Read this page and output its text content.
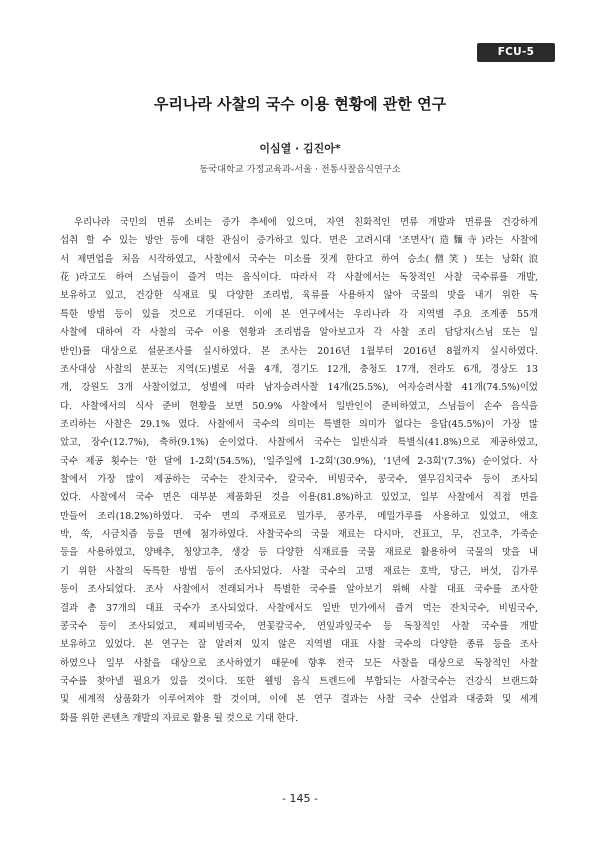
FCU-5
우리나라 사찰의 국수 이용 현황에 관한 연구
이심열 · 김진아*
동국대학교 가정교육과-서울 · 전통사찰음식연구소
우리나라 국민의 면류 소비는 증가 추세에 있으며, 자연 친화적인 면류 개발과 면류를 건강하게
섭취 할 수 있는 방안 등에 대한 관심이 증가하고 있다. 면은 고려시대 '조면사'(造麵寺)라는 사찰에
서 제면업을 처음 시작하였고, 사찰에서 국수는 미소를 짓게 한다고 하여 승소(僧笑) 또는 낭화(浪
花)라고도 하여 스님들이 즐겨 먹는 음식이다. 따라서 각 사찰에서는 독창적인 사찰 국수류를 개발,
보유하고 있고, 건강한 식재료 및 다양한 조리법, 육류를 사용하지 않아 국물의 맛을 내기 위한 독
특한 방법 등이 있을 것으로 기대된다. 이에 본 연구에서는 우리나라 각 지역별 주요 조계종 55개
사찰에 대하여 각 사찰의 국수 이용 현황과 조리법을 알아보고자 각 사찰 조리 담당자(스님 또는 일
반인)를 대상으로 설문조사를 실시하였다. 본 조사는 2016년 1월부터 2016년 8월까지 실시하였다.
조사대상 사찰의 분포는 지역(도)별로 서울 4개, 경기도 12개, 충청도 17개, 전라도 6개, 경상도 13
개, 강원도 3개 사찰이었고, 성별에 따라 남자승려사찰 14개(25.5%), 여자승려사찰 41개(74.5%)이었
다. 사찰에서의 식사 준비 현황을 보면 50.9% 사찰에서 일반인이 준비하였고, 스님들이 손수 음식을
조리하는 사찰은 29.1% 였다. 사찰에서 국수의 의미는 특별한 의미가 없다는 응답(45.5%)이 가장 많
았고, 장수(12.7%), 축하(9.1%) 순이었다. 사찰에서 국수는 일반식과 특별식(41.8%)으로 제공하였고,
국수 제공 횟수는 '한 달에 1-2회'(54.5%), '일주일에 1-2회'(30.9%), '1년에 2-3회'(7.3%) 순이었다. 사
찰에서 가장 많이 제공하는 국수는 잔치국수, 칼국수, 비빔국수, 콩국수, 열무김치국수 등이 조사되
었다. 사찰에서 국수 면은 대부분 제품화된 것을 이용(81.8%)하고 있었고, 일부 사찰에서 직접 면을
만들어 조리(18.2%)하였다. 국수 면의 주재료로 밀가루, 콩가루, 메밀가루를 사용하고 있었고, 애호
박, 쑥, 시금치즙 등을 면에 첨가하였다. 사찰국수의 국물 재료는 다시마, 건표고, 무, 건고추, 가죽순
등을 사용하였고, 양배추, 청양고추, 생강 등 다양한 식재료를 국물 재료로 활용하여 국물의 맛을 내
기 위한 사찰의 독특한 방법 등이 조사되었다. 사찰 국수의 고명 재료는 호박, 당근, 버섯, 김가루
등이 조사되었다. 조사 사찰에서 전래되거나 특별한 국수를 알아보기 위해 사찰 대표 국수를 조사한
결과 총 37개의 대표 국수가 조사되었다. 사찰에서도 일반 민가에서 즐겨 먹는 잔치국수, 비빔국수,
콩국수 등이 조사되었고, 제피비빔국수, 연꽃칼국수, 연잎과잎국수 등 독창적인 사찰 국수를 개발
보유하고 있었다. 본 연구는 잘 알려져 있지 않은 지역별 대표 사찰 국수의 다양한 종류 등을 조사
하였으나 일부 사찰을 대상으로 조사하였기 때문에 향후 전국 모든 사찰을 대상으로 독창적인 사찰
국수를 찾아낼 필요가 있을 것이다. 또한 웰빙 음식 트렌드에 부합되는 사찰국수는 건강식 브랜드화
및 세계적 상품화가 이루어져야 할 것이며, 이에 본 연구 결과는 사찰 국수 산업과 대중화 및 세계
화를 위한 콘텐츠 개발의 자료로 활용 될 것으로 기대 한다.
- 145 -
